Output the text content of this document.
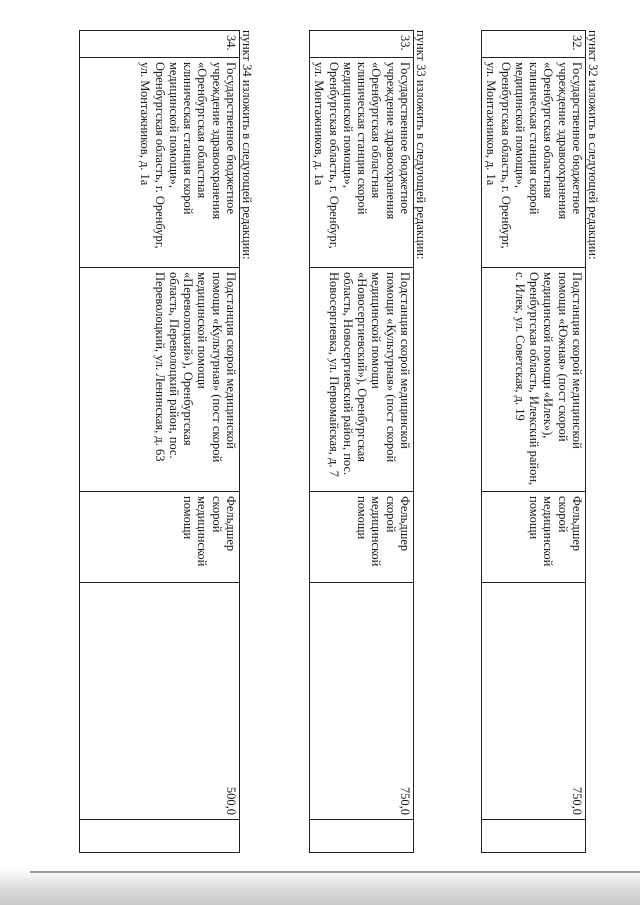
пункт 32 изложить в следующей редакции:
32.	Государственное бюджетное учреждение здравоохранения «Оренбургская областная клиническая станция скорой медицинской помощи», Оренбургская область, г. Оренбург, ул. Монтажников, д. 1а	Подстанция скорой медицинской помощи «Южная» (пост скорой медицинской помощи «Илек»), Оренбургская область, Илекский район, с. Илек, ул. Советская, д. 19	Фельдшер скорой медицинской помощи	750,0	
пункт 33 изложить в следующей редакции:
33.	Государственное бюджетное учреждение здравоохранения «Оренбургская областная клиническая станция скорой медицинской помощи», Оренбургская область, г. Оренбург, ул. Монтажников, д. 1а	Подстанция скорой медицинской помощи «Культурная» (пост скорой медицинской помощи «Новосергиевский»), Оренбургская область, Новосергиевский район, пос. Новосергиевка, ул. Первомайская, д. 7	Фельдшер скорой медицинской помощи	750,0	
пункт 34 изложить в следующей редакции:
34.	Государственное бюджетное учреждение здравоохранения «Оренбургская областная клиническая станция скорой медицинской помощи», Оренбургская область, г. Оренбург, ул. Монтажников, д. 1а	Подстанция скорой медицинской помощи «Культурная» (пост скорой медицинской помощи «Переволоцкий»), Оренбургская область, Переволоцкий район, пос. Переволоцкий, ул. Ленинская, д. 63	Фельдшер скорой медицинской помощи	500,0	
